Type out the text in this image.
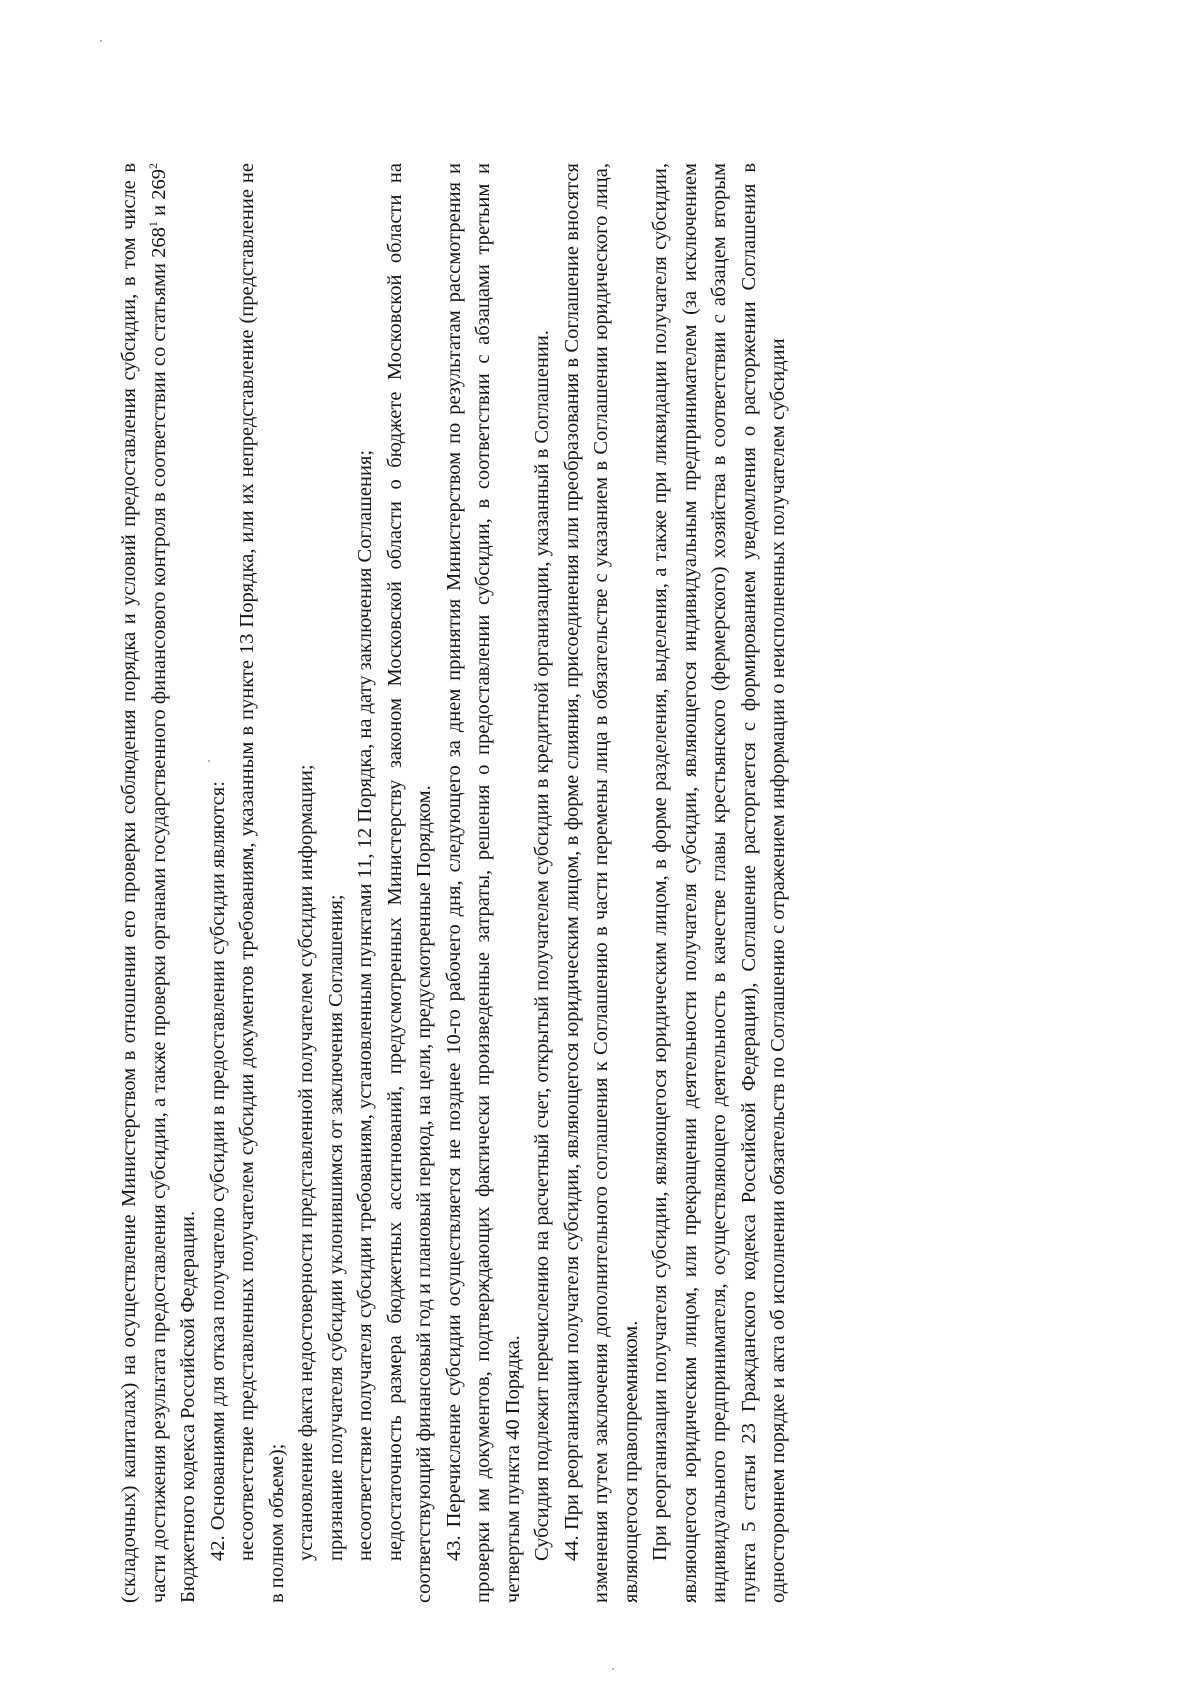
(складочных) капиталах) на осуществление Министерством в отношении его проверки соблюдения порядка и условий предоставления субсидии, в том числе в части достижения результата предоставления субсидии, а также проверки органами государственного финансового контроля в соответствии со статьями $268^1$ и $269^2$ Бюджетного кодекса Российской Федерации. 42. Основаниями для отказа получателю субсидии в предоставлении субсидии являются: несоответствие представленных получателем субсидии документов требованиям, указанным в пункте 13 Порядка, или их непредставление (представление не в полном объеме); установление факта недостоверности представленной получателем субсидии информации; признание получателя субсидии уклонившимся от заключения Соглашения; несоответствие получателя субсидии требованиям, установленным пунктами 11, 12 Порядка, на дату заключения Соглашения; недостаточность размера бюджетных ассигнований, предусмотренных Министерству законом Московской области о бюджете Московской области на соответствующий финансовый год и плановый период, на цели, предусмотренные Порядком. 43. Перечисление субсидии осуществляется не позднее 10-го рабочего дня, следующего за днем принятия Министерством по результатам рассмотрения и проверки им документов, подтверждающих фактически произведенные затраты, решения о предоставлении субсидии, в соответствии с абзацами третьим и четвертым пункта 40 Порядка. Субсидия подлежит перечислению на расчетный счет, открытый получателем субсидии в кредитной организации, указанный в Соглашении. 44. При реорганизации получателя субсидии, являющегося юридическим лицом, в форме слияния, присоединения или преобразования в Соглашение вносятся изменения путем заключения дополнительного соглашения к Соглашению в части перемены лица в обязательстве с указанием в Соглашении юридического лица, являющегося правопреемником. При реорганизации получателя субсидии, являющегося юридическим лицом, в форме разделения, выделения, а также при ликвидации получателя субсидии, являющегося юридическим лицом, или прекращении деятельности получателя субсидии, являющегося индивидуальным предпринимателем (за исключением индивидуального предпринимателя, осуществляющего деятельность в качестве главы крестьянского (фермерского) хозяйства в соответствии с абзацем вторым пункта 5 статьи 23 Гражданского кодекса Российской Федерации), Соглашение расторгается с формированием уведомления о расторжении Соглашения в одностороннем порядке и акта об исполнении обязательств по Соглашению с отражением информации о неисполненных получателем субсидии
